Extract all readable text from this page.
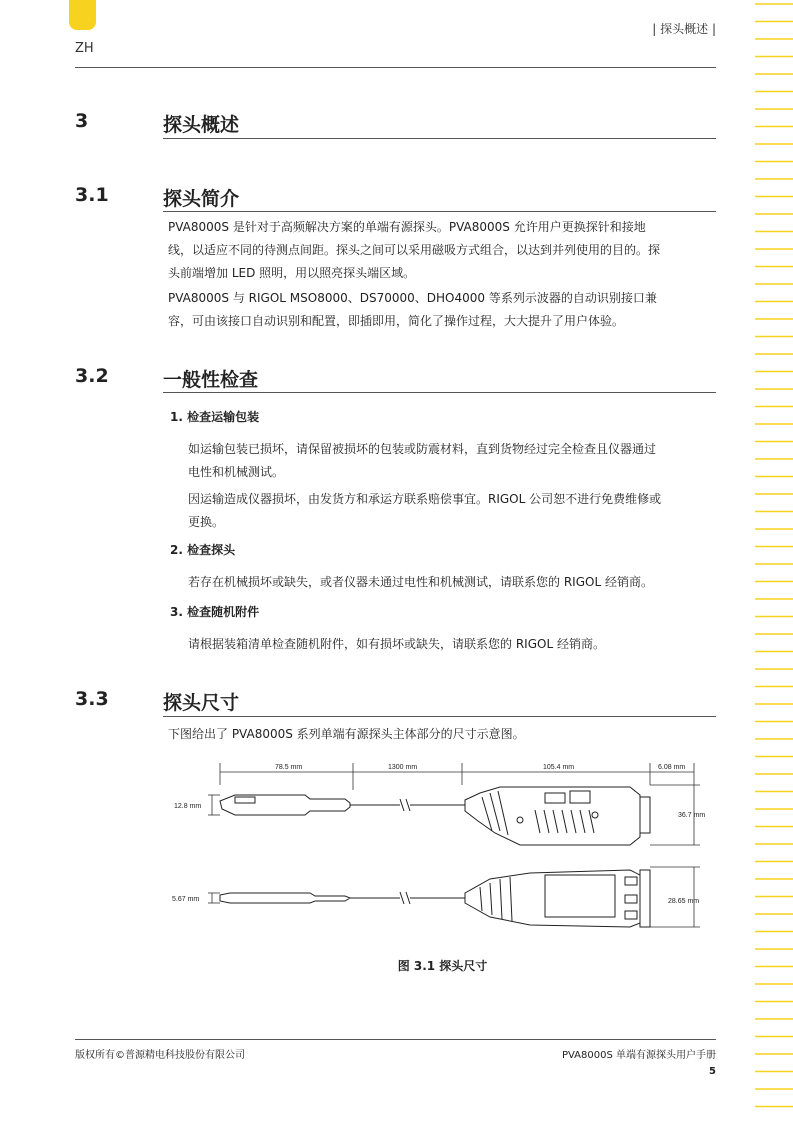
ZH
| 探头概述 |
3	探头概述
3.1	探头简介
PVA8000S 是针对于高频解决方案的单端有源探头。PVA8000S 允许用户更换探针和接地
线，以适应不同的待测点间距。探头之间可以采用磁吸方式组合，以达到并列使用的目的。探
头前端增加 LED 照明，用以照亮探头端区域。
PVA8000S 与 RIGOL MSO8000、DS70000、DHO4000 等系列示波器的自动识别接口兼
容，可由该接口自动识别和配置，即插即用，简化了操作过程，大大提升了用户体验。
3.2	一般性检查
1. 检查运输包装
如运输包装已损坏，请保留被损坏的包装或防震材料，直到货物经过完全检查且仪器通过
电性和机械测试。
因运输造成仪器损坏，由发货方和承运方联系赔偿事宜。RIGOL 公司恕不进行免费维修或
更换。
2. 检查探头
若存在机械损坏或缺失，或者仪器未通过电性和机械测试，请联系您的 RIGOL 经销商。
3. 检查随机附件
请根据装箱清单检查随机附件，如有损坏或缺失，请联系您的 RIGOL 经销商。
3.3	探头尺寸
下图给出了 PVA8000S 系列单端有源探头主体部分的尺寸示意图。
78.5 mm	1300 mm	105.4 mm	6.08 mm
12.8 mm
36.7 mm
5.67 mm	28.65 mm
图 3.1 探头尺寸
版权所有©普源精电科技股份有限公司	PVA8000S 单端有源探头用户手册
5
